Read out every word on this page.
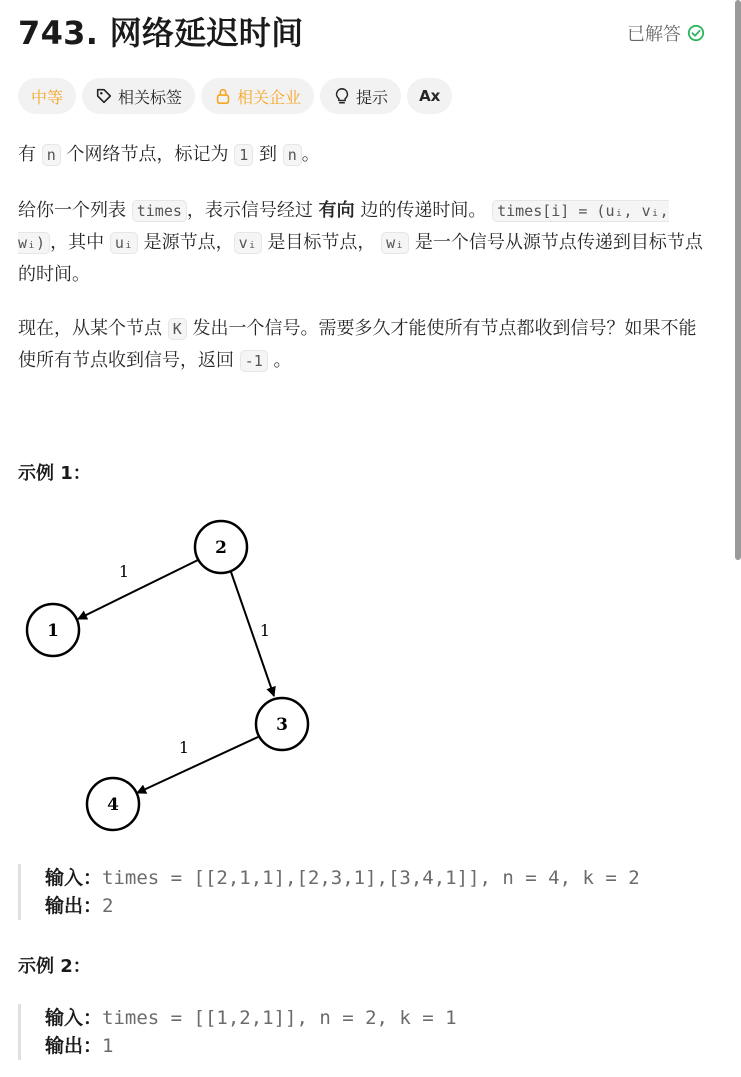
743. 网络延迟时间	已解答
中等	相关标签	相关企业	提示 Ax
有 n 个网络节点，标记为 1 到 n 。
给你一个列表 times ，表示信号经过 有向 边的传递时间。 times[i] = (uᵢ, vᵢ, wᵢ) ，其中 uᵢ 是源节点， vᵢ 是目标节点， wᵢ 是一个信号从源节点传递到目标节点的时间。
现在，从某个节点 K 发出一个信号。需要多久才能使所有节点都收到信号？如果不能使所有节点收到信号，返回 -1 。
示例 1：
2
1
3
4
1
1
1
输入：times = [[2,1,1],[2,3,1],[3,4,1]], n = 4, k = 2
输出：2
示例 2：
输入：times = [[1,2,1]], n = 2, k = 1
输出：1
